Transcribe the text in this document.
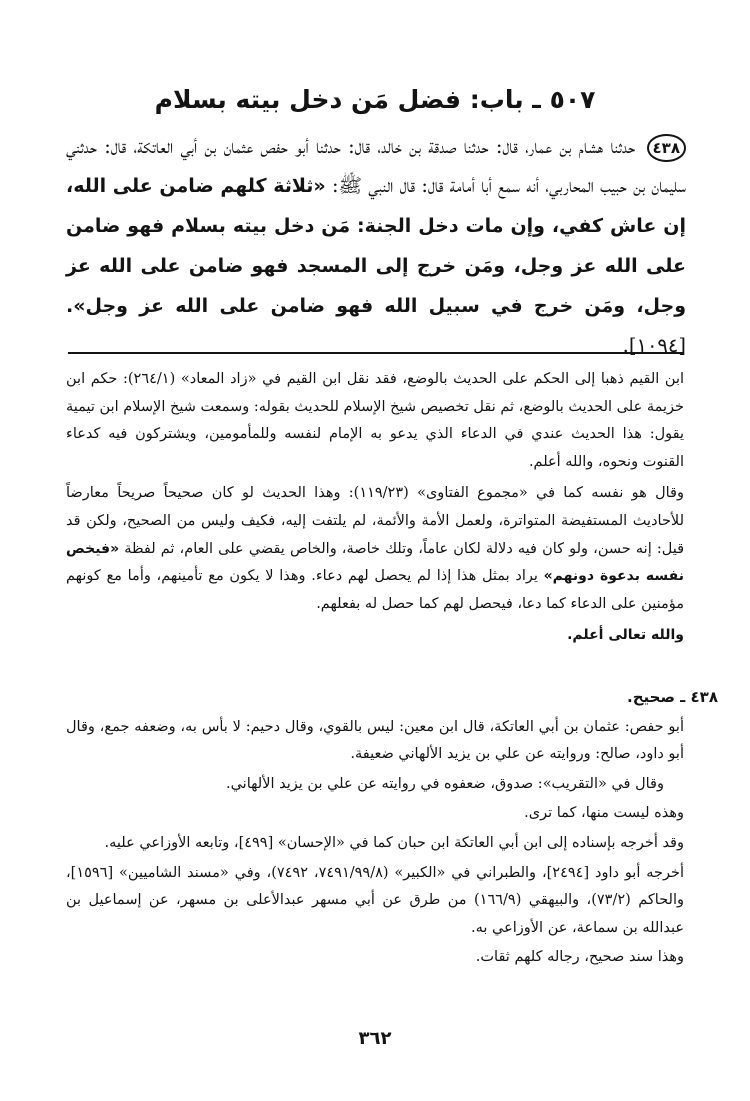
٥٠٧ ـ باب: فضل مَن دخل بيته بسلام

٤٣٨ حدثنا هشام بن عمار، قال: حدثنا صدقة بن خالد، قال: حدثنا أبو حفص عثمان بن أبي العاتكة، قال: حدثني سليمان بن حبيب المحاربي، أنه سمع أبا أمامة قال: قال النبي ﷺ: «ثلاثة كلهم ضامن على الله، إن عاش كفي، وإن مات دخل الجنة: مَن دخل بيته بسلام فهو ضامن على الله عز وجل، ومَن خرج إلى المسجد فهو ضامن على الله عز وجل، ومَن خرج في سبيل الله فهو ضامن على الله عز وجل». [١٠٩٤].

ابن القيم ذهبا إلى الحكم على الحديث بالوضع، فقد نقل ابن القيم في «زاد المعاد» (٢٦٤/١): حكم ابن خزيمة على الحديث بالوضع، ثم نقل تخصيص شيخ الإسلام للحديث بقوله: وسمعت شيخ الإسلام ابن تيمية يقول: هذا الحديث عندي في الدعاء الذي يدعو به الإمام لنفسه وللمأمومين، ويشتركون فيه كدعاء القنوت ونحوه، والله أعلم.

وقال هو نفسه كما في «مجموع الفتاوى» (١١٩/٢٣): وهذا الحديث لو كان صحيحاً صريحاً معارضاً للأحاديث المستفيضة المتواترة، ولعمل الأمة والأئمة، لم يلتفت إليه، فكيف وليس من الصحيح، ولكن قد قيل: إنه حسن، ولو كان فيه دلالة لكان عاماً، وتلك خاصة، والخاص يقضي على العام، ثم لفظة «فيخص نفسه بدعوة دونهم» يراد بمثل هذا إذا لم يحصل لهم دعاء. وهذا لا يكون مع تأمينهم، وأما مع كونهم مؤمنين على الدعاء كما دعا، فيحصل لهم كما حصل له بفعلهم.

والله تعالى أعلم.

٤٣٨ ـ صحيح.

أبو حفص: عثمان بن أبي العاتكة، قال ابن معين: ليس بالقوي، وقال دحيم: لا بأس به، وضعفه جمع، وقال أبو داود، صالح: وروايته عن علي بن يزيد الألهاني ضعيفة.

وقال في «التقريب»: صدوق، ضعفوه في روايته عن علي بن يزيد الألهاني.

وهذه ليست منها، كما ترى.

وقد أخرجه بإسناده إلى ابن أبي العاتكة ابن حبان كما في «الإحسان» [٤٩٩]، وتابعه الأوزاعي عليه.

أخرجه أبو داود [٢٤٩٤]، والطبراني في «الكبير» (٧٤٩١/٩٩/٨، ٧٤٩٢)، وفي «مسند الشاميين» [١٥٩٦]، والحاكم (٧٣/٢)، والبيهقي (١٦٦/٩) من طرق عن أبي مسهر عبدالأعلى بن مسهر، عن إسماعيل بن عبدالله بن سماعة، عن الأوزاعي به.

وهذا سند صحيح، رجاله كلهم ثقات.

٣٦٢
